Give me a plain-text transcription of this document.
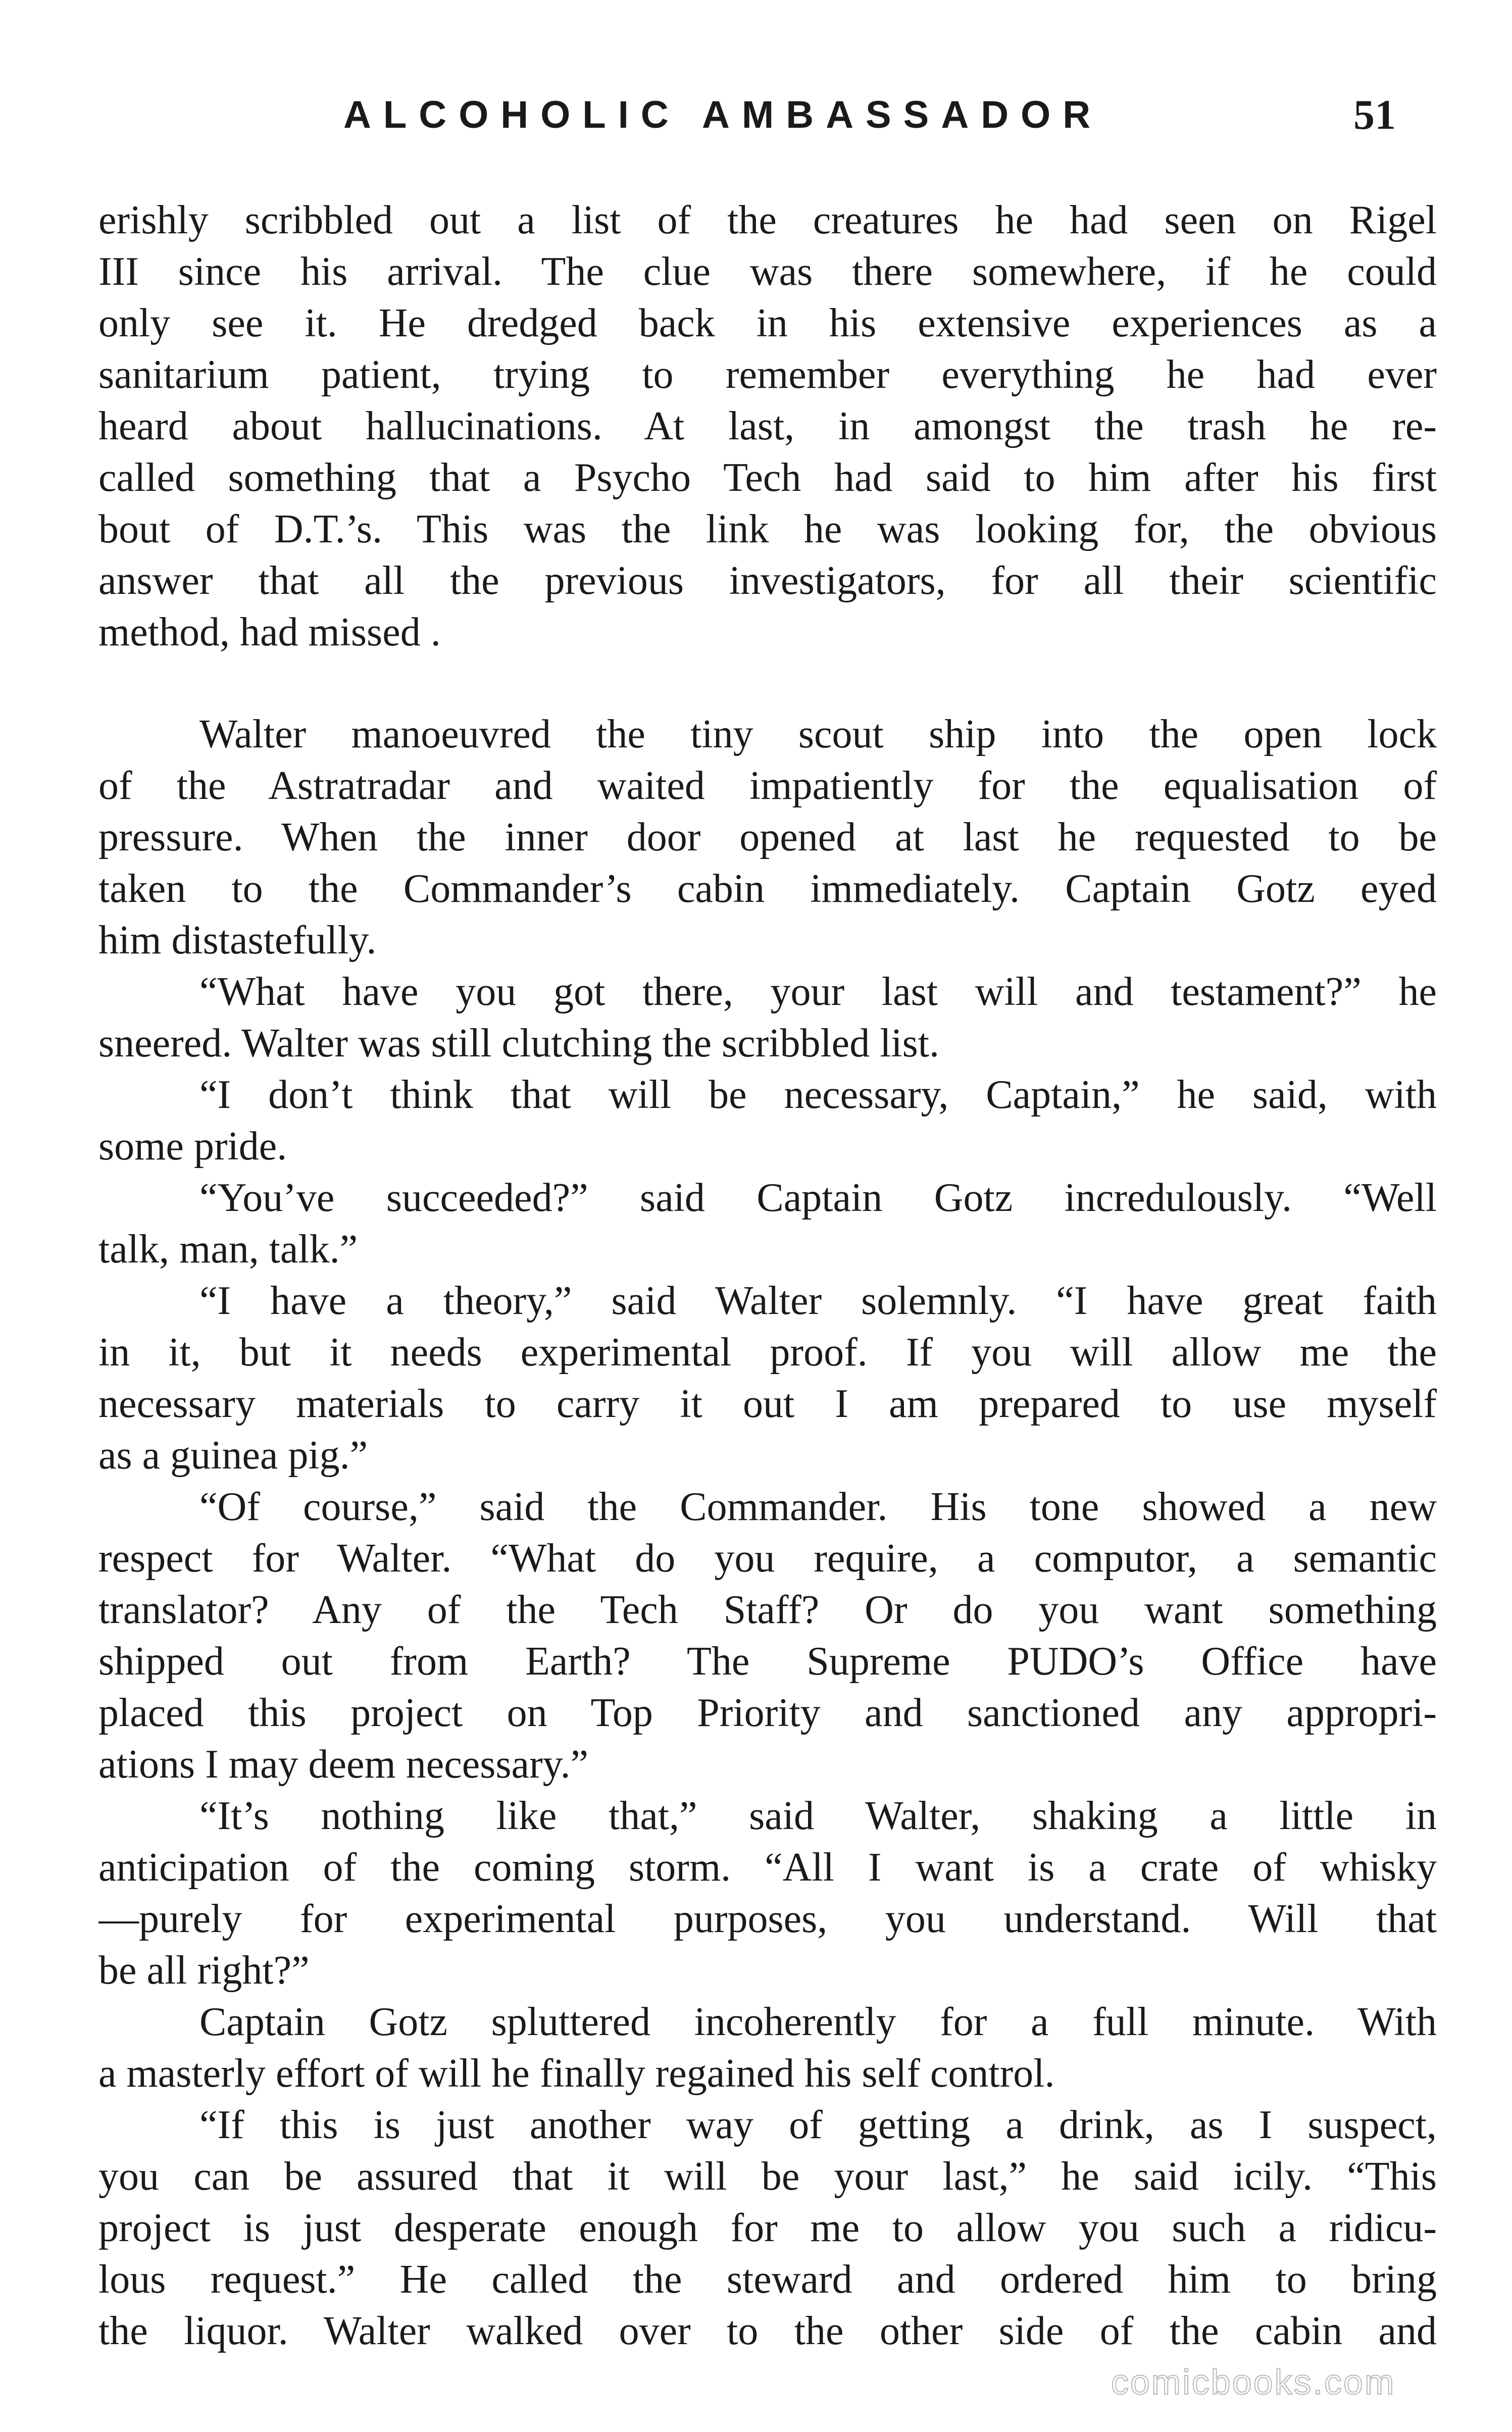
ALCOHOLIC AMBASSADOR	51
erishly scribbled out a list of the creatures he had seen on Rigel
III since his arrival. The clue was there somewhere, if he could
only see it. He dredged back in his extensive experiences as a
sanitarium patient, trying to remember everything he had ever
heard about hallucinations. At last, in amongst the trash he re-
called something that a Psycho Tech had said to him after his first
bout of D.T.’s. This was the link he was looking for, the obvious
answer that all the previous investigators, for all their scientific
method, had missed .
Walter manoeuvred the tiny scout ship into the open lock
of the Astratradar and waited impatiently for the equalisation of
pressure. When the inner door opened at last he requested to be
taken to the Commander’s cabin immediately. Captain Gotz eyed
him distastefully.
“What have you got there, your last will and testament?” he
sneered. Walter was still clutching the scribbled list.
“I don’t think that will be necessary, Captain,” he said, with
some pride.
“You’ve succeeded?” said Captain Gotz incredulously. “Well
talk, man, talk.”
“I have a theory,” said Walter solemnly. “I have great faith
in it, but it needs experimental proof. If you will allow me the
necessary materials to carry it out I am prepared to use myself
as a guinea pig.”
“Of course,” said the Commander. His tone showed a new
respect for Walter. “What do you require, a computor, a semantic
translator? Any of the Tech Staff? Or do you want something
shipped out from Earth? The Supreme PUDO’s Office have
placed this project on Top Priority and sanctioned any appropri-
ations I may deem necessary.”
“It’s nothing like that,” said Walter, shaking a little in
anticipation of the coming storm. “All I want is a crate of whisky
—purely for experimental purposes, you understand. Will that
be all right?”
Captain Gotz spluttered incoherently for a full minute. With
a masterly effort of will he finally regained his self control.
“If this is just another way of getting a drink, as I suspect,
you can be assured that it will be your last,” he said icily. “This
project is just desperate enough for me to allow you such a ridicu-
lous request.” He called the steward and ordered him to bring
the liquor. Walter walked over to the other side of the cabin and
comicbooks.com
